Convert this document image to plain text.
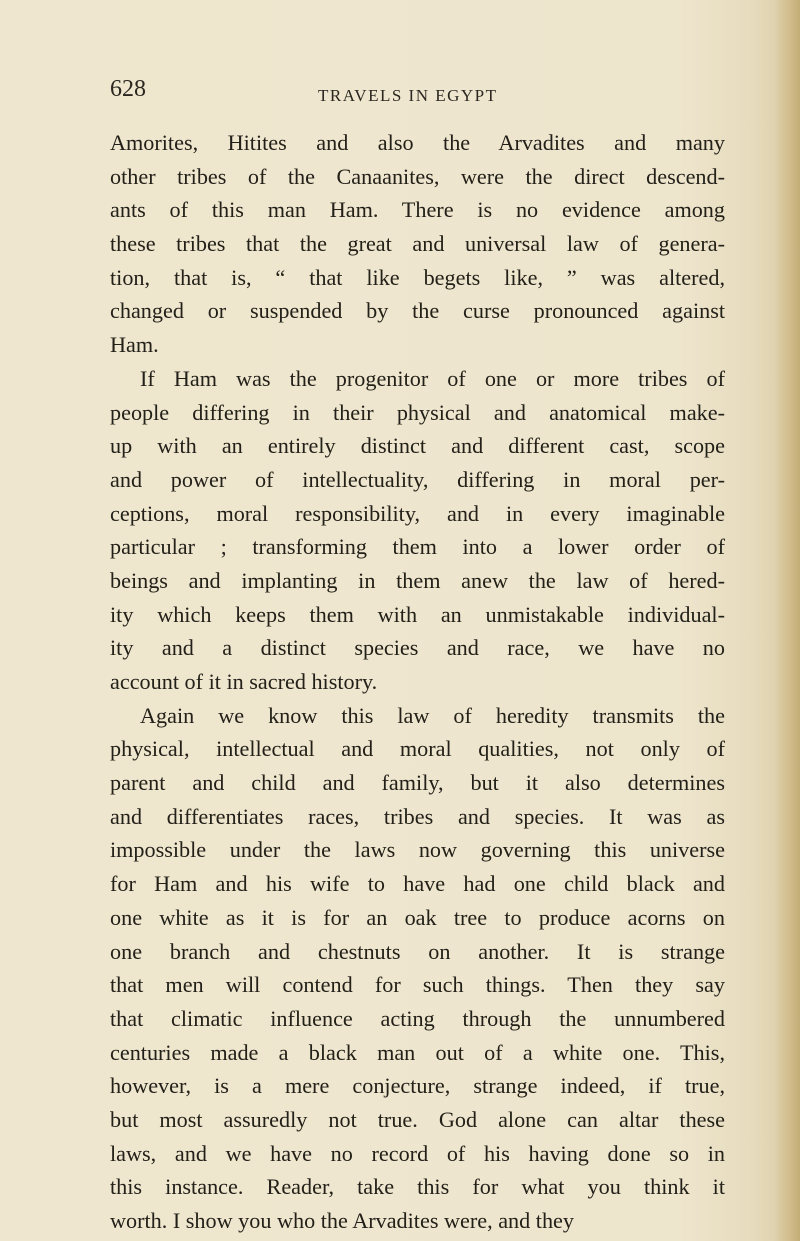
628	TRAVELS IN EGYPT
Amorites, Hitites and also the Arvadites and many
other tribes of the Canaanites, were the direct descend-
ants of this man Ham. There is no evidence among
these tribes that the great and universal law of genera-
tion, that is, “ that like begets like, ” was altered,
changed or suspended by the curse pronounced against
Ham.
If Ham was the progenitor of one or more tribes of
people differing in their physical and anatomical make-
up with an entirely distinct and different cast, scope
and power of intellectuality, differing in moral per-
ceptions, moral responsibility, and in every imaginable
particular ; transforming them into a lower order of
beings and implanting in them anew the law of hered-
ity which keeps them with an unmistakable individual-
ity and a distinct species and race, we have no
account of it in sacred history.
Again we know this law of heredity transmits the
physical, intellectual and moral qualities, not only of
parent and child and family, but it also determines
and differentiates races, tribes and species. It was as
impossible under the laws now governing this universe
for Ham and his wife to have had one child black and
one white as it is for an oak tree to produce acorns on
one branch and chestnuts on another. It is strange
that men will contend for such things. Then they say
that climatic influence acting through the unnumbered
centuries made a black man out of a white one. This,
however, is a mere conjecture, strange indeed, if true,
but most assuredly not true. God alone can altar these
laws, and we have no record of his having done so in
this instance. Reader, take this for what you think it
worth. I show you who the Arvadites were, and they
